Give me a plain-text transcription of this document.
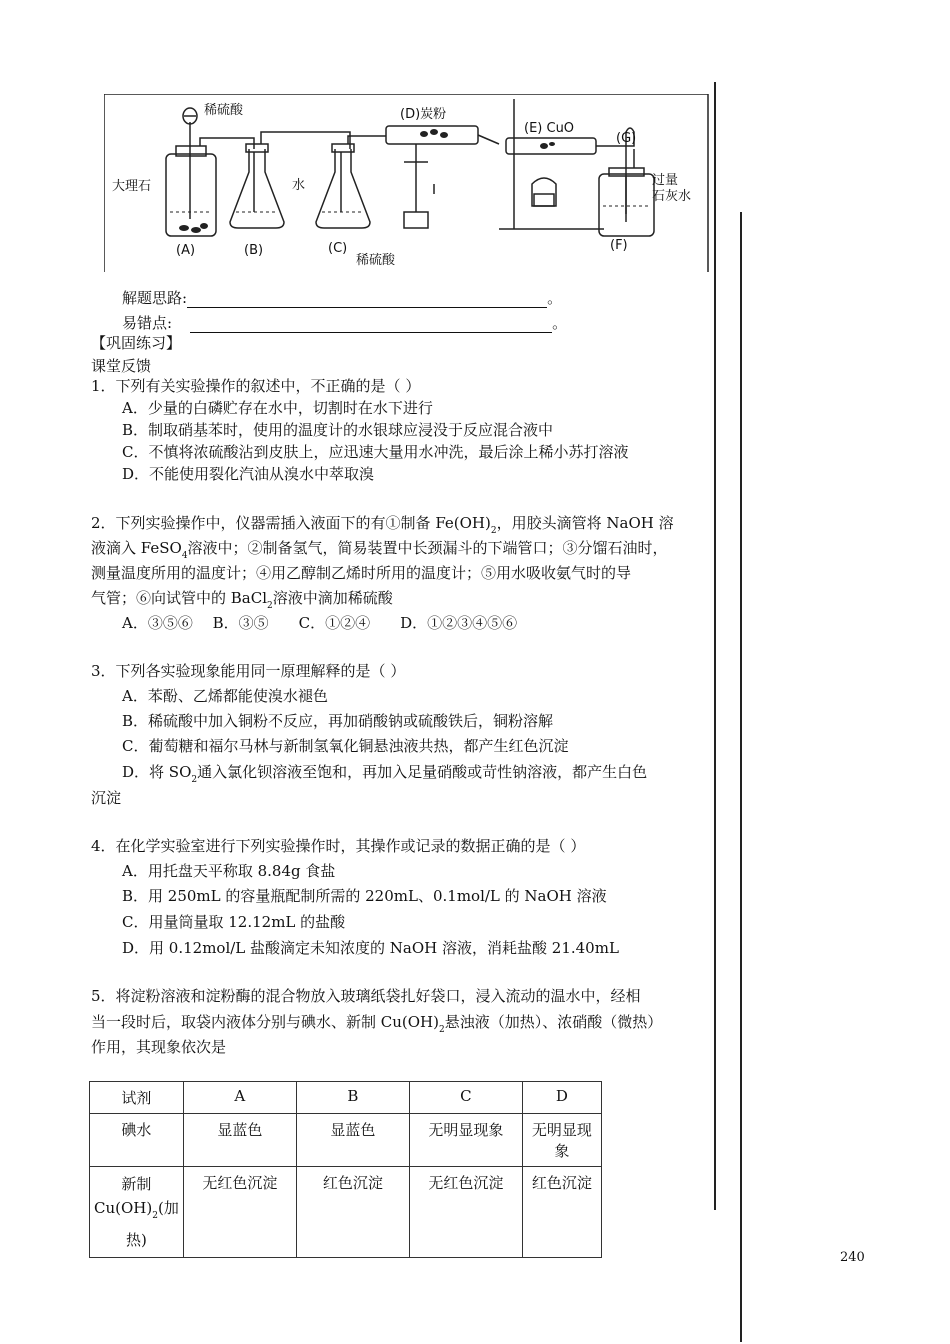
稀硫酸
大理石	水
稀硫酸
(D)炭粉
(E) CuO
(G)
过量
石灰水
(A)	(B)	(C)	(F)
解题思路:	。
易错点:	。
【巩固练习】
课堂反馈
1．下列有关实验操作的叙述中，不正确的是（ ）
A．少量的白磷贮存在水中，切割时在水下进行
B．制取硝基苯时，使用的温度计的水银球应浸没于反应混合液中
C．不慎将浓硫酸沾到皮肤上，应迅速大量用水冲洗，最后涂上稀小苏打溶液
D．不能使用裂化汽油从溴水中萃取溴
2．下列实验操作中，仪器需插入液面下的有①制备 $Fe(OH)_2$，用胶头滴管将 NaOH 溶
液滴入 FeSO$_4$溶液中；②制备氢气，简易装置中长颈漏斗的下端管口；③分馏石油时，
测量温度所用的温度计；④用乙醇制乙烯时所用的温度计；⑤用水吸收氨气时的导
气管；⑥向试管中的 BaCl$_2$溶液中滴加稀硫酸
A．③⑤⑥　 B．③⑤　　C．①②④　　D．①②③④⑤⑥
3．下列各实验现象能用同一原理解释的是（ ）
A．苯酚、乙烯都能使溴水褪色
B．稀硫酸中加入铜粉不反应，再加硝酸钠或硫酸铁后，铜粉溶解
C．葡萄糖和福尔马林与新制氢氧化铜悬浊液共热，都产生红色沉淀
D．将 $SO_2$通入氯化钡溶液至饱和，再加入足量硝酸或苛性钠溶液，都产生白色
沉淀
4．在化学实验室进行下列实验操作时，其操作或记录的数据正确的是（ ）
A．用托盘天平称取 8.84g 食盐
B．用 250mL 的容量瓶配制所需的 220mL、0.1mol/L 的 NaOH 溶液
C．用量筒量取 12.12mL 的盐酸
D．用 0.12mol/L 盐酸滴定未知浓度的 NaOH 溶液，消耗盐酸 21.40mL
5．将淀粉溶液和淀粉酶的混合物放入玻璃纸袋扎好袋口，浸入流动的温水中，经相
当一段时后，取袋内液体分别与碘水、新制 $Cu(OH)_2$悬浊液（加热）、浓硝酸（微热）
作用，其现象依次是
试剂	A	B	C	D
碘水	显蓝色	显蓝色	无明显现象	无明显现
象
新制
$Cu(OH)_2$(加
热)	无红色沉淀	红色沉淀	无红色沉淀	红色沉淀
240
